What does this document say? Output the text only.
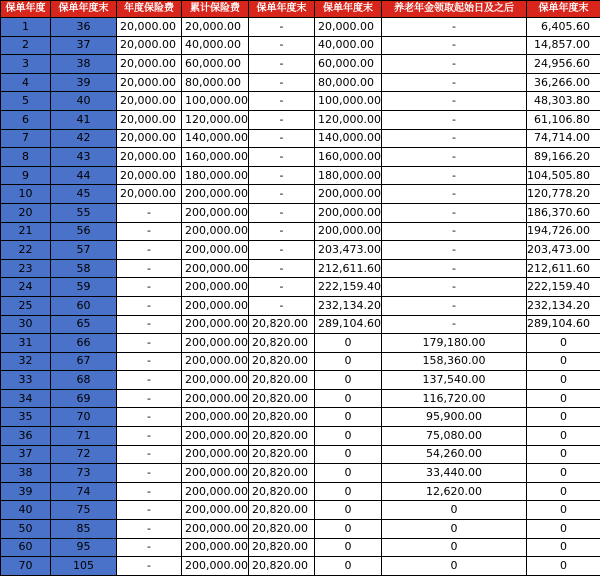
保单年度	保单年度末	年度保险费	累计保险费	保单年度末	保单年度末	养老年金领取起始日及之后	保单年度末
1	36	20,000.00	20,000.00	-	20,000.00	-	6,405.60
2	37	20,000.00	40,000.00	-	40,000.00	-	14,857.00
3	38	20,000.00	60,000.00	-	60,000.00	-	24,956.60
4	39	20,000.00	80,000.00	-	80,000.00	-	36,266.00
5	40	20,000.00	100,000.00	-	100,000.00	-	48,303.80
6	41	20,000.00	120,000.00	-	120,000.00	-	61,106.80
7	42	20,000.00	140,000.00	-	140,000.00	-	74,714.00
8	43	20,000.00	160,000.00	-	160,000.00	-	89,166.20
9	44	20,000.00	180,000.00	-	180,000.00	-	104,505.80
10	45	20,000.00	200,000.00	-	200,000.00	-	120,778.20
20	55	-	200,000.00	-	200,000.00	-	186,370.60
21	56	-	200,000.00	-	200,000.00	-	194,726.00
22	57	-	200,000.00	-	203,473.00	-	203,473.00
23	58	-	200,000.00	-	212,611.60	-	212,611.60
24	59	-	200,000.00	-	222,159.40	-	222,159.40
25	60	-	200,000.00	-	232,134.20	-	232,134.20
30	65	-	200,000.00	20,820.00	289,104.60	-	289,104.60
31	66	-	200,000.00	20,820.00	0	179,180.00	0
32	67	-	200,000.00	20,820.00	0	158,360.00	0
33	68	-	200,000.00	20,820.00	0	137,540.00	0
34	69	-	200,000.00	20,820.00	0	116,720.00	0
35	70	-	200,000.00	20,820.00	0	95,900.00	0
36	71	-	200,000.00	20,820.00	0	75,080.00	0
37	72	-	200,000.00	20,820.00	0	54,260.00	0
38	73	-	200,000.00	20,820.00	0	33,440.00	0
39	74	-	200,000.00	20,820.00	0	12,620.00	0
40	75	-	200,000.00	20,820.00	0	0	0
50	85	-	200,000.00	20,820.00	0	0	0
60	95	-	200,000.00	20,820.00	0	0	0
70	105	-	200,000.00	20,820.00	0	0	0
